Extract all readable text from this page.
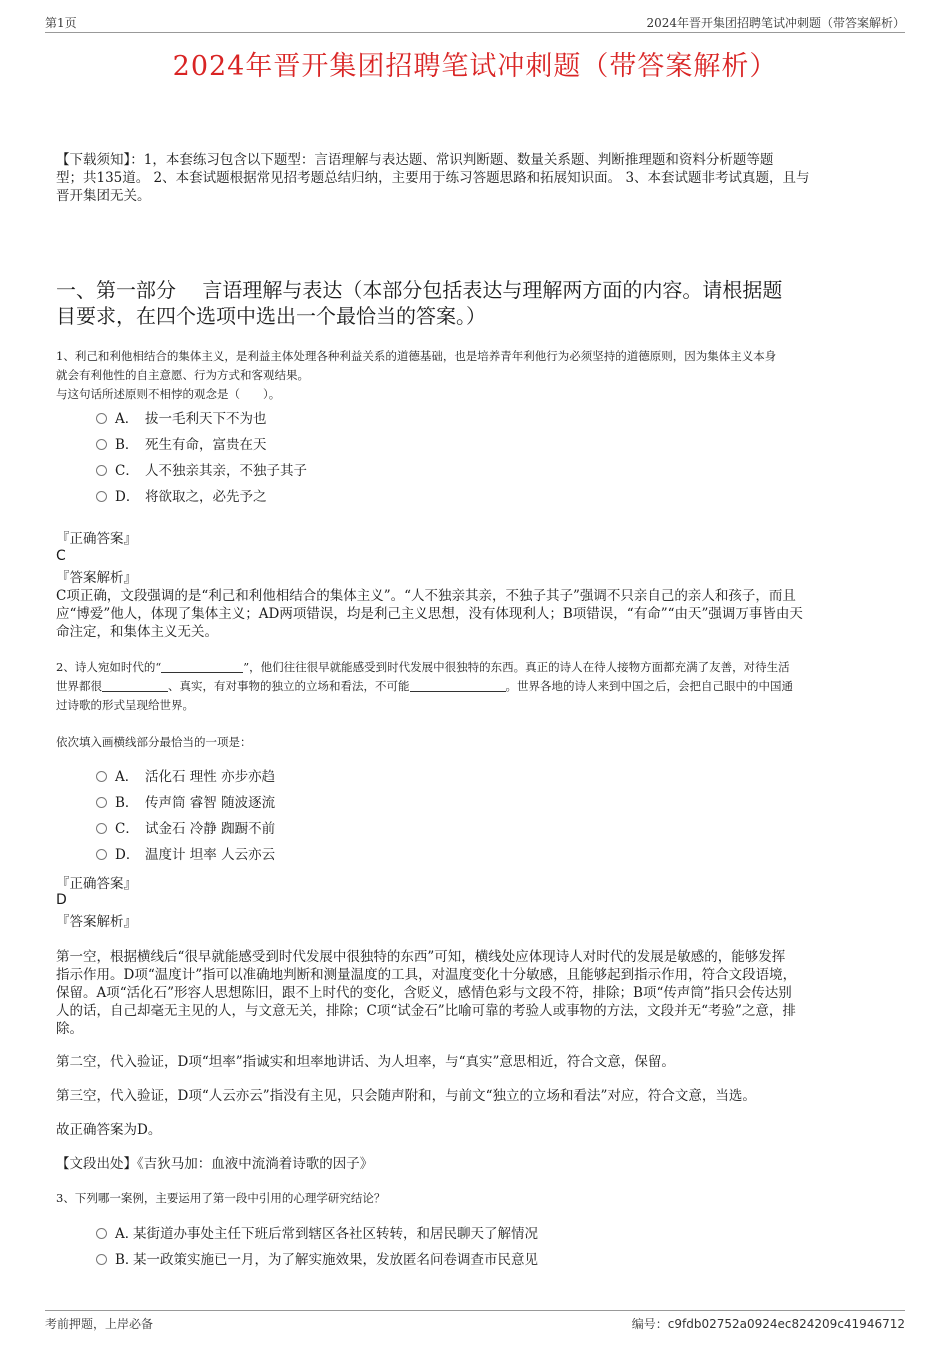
第1页	2024年晋开集团招聘笔试冲刺题（带答案解析）
2024年晋开集团招聘笔试冲刺题（带答案解析）
【下载须知】：1，本套练习包含以下题型：言语理解与表达题、常识判断题、数量关系题、判断推理题和资料分析题等题
型；共135道。 2、本套试题根据常见招考题总结归纳，主要用于练习答题思路和拓展知识面。 3、本套试题非考试真题，且与
晋开集团无关。
一、第一部分　 言语理解与表达（本部分包括表达与理解两方面的内容。请根据题
目要求，在四个选项中选出一个最恰当的答案。）
1、利己和利他相结合的集体主义，是利益主体处理各种利益关系的道德基础，也是培养青年利他行为必须坚持的道德原则，因为集体主义本身
就会有利他性的自主意愿、行为方式和客观结果。
与这句话所述原则不相悖的观念是（　　）。
A． 拔一毛利天下不为也
B． 死生有命，富贵在天
C． 人不独亲其亲，不独子其子
D． 将欲取之，必先予之
『正确答案』
C
『答案解析』
C项正确，文段强调的是“利己和利他相结合的集体主义”。“人不独亲其亲，不独子其子”强调不只亲自己的亲人和孩子，而且
应“博爱”他人，体现了集体主义；AD两项错误，均是利己主义思想，没有体现利人；B项错误，“有命”“由天”强调万事皆由天
命注定，和集体主义无关。
2、诗人宛如时代的“	”，他们往往很早就能感受到时代发展中很独特的东西。真正的诗人在待人接物方面都充满了友善，对待生活
世界都很	、真实，有对事物的独立的立场和看法，不可能	。世界各地的诗人来到中国之后，会把自己眼中的中国通
过诗歌的形式呈现给世界。
依次填入画横线部分最恰当的一项是：
A． 活化石 理性 亦步亦趋
B． 传声筒 睿智 随波逐流
C． 试金石 冷静 踟蹰不前
D． 温度计 坦率 人云亦云
『正确答案』
D
『答案解析』
第一空，根据横线后“很早就能感受到时代发展中很独特的东西”可知，横线处应体现诗人对时代的发展是敏感的，能够发挥
指示作用。D项“温度计”指可以准确地判断和测量温度的工具，对温度变化十分敏感，且能够起到指示作用，符合文段语境，
保留。A项“活化石”形容人思想陈旧，跟不上时代的变化，含贬义，感情色彩与文段不符，排除；B项“传声筒”指只会传达别
人的话，自己却毫无主见的人，与文意无关，排除；C项“试金石”比喻可靠的考验人或事物的方法，文段并无“考验”之意，排
除。
第二空，代入验证，D项“坦率”指诚实和坦率地讲话、为人坦率，与“真实”意思相近，符合文意，保留。
第三空，代入验证，D项“人云亦云”指没有主见，只会随声附和，与前文“独立的立场和看法”对应，符合文意，当选。
故正确答案为D。
【文段出处】《吉狄马加：血液中流淌着诗歌的因子》
3、下列哪一案例，主要运用了第一段中引用的心理学研究结论？
A．某街道办事处主任下班后常到辖区各社区转转，和居民聊天了解情况
B．某一政策实施已一月，为了解实施效果，发放匿名问卷调查市民意见
考前押题，上岸必备	编号：c9fdb02752a0924ec824209c41946712
